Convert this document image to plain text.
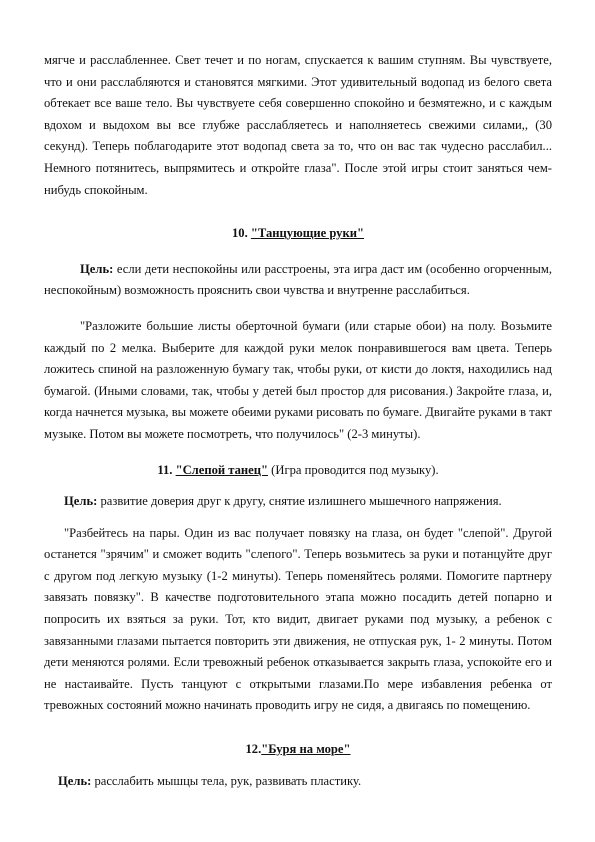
мягче и расслабленнее. Свет течет и по ногам, спускается к вашим ступням. Вы чувствуете, что и они расслабляются и становятся мягкими. Этот удивительный водопад из белого света обтекает все ваше тело. Вы чувствуете себя совершенно спокойно и безмятежно, и с каждым вдохом и выдохом вы все глубже расслабляетесь и наполняетесь свежими силами,, (30 секунд). Теперь поблагодарите этот водопад света за то, что он вас так чудесно расслабил... Немного потянитесь, выпрямитесь и откройте глаза". После этой игры стоит заняться чем-нибудь спокойным.

10. "Танцующие руки"

Цель: если дети неспокойны или расстроены, эта игра даст им (особенно огорченным, неспокойным) возможность прояснить свои чувства и внутренне расслабиться.

"Разложите большие листы оберточной бумаги (или старые обои) на полу. Возьмите каждый по 2 мелка. Выберите для каждой руки мелок понравившегося вам цвета. Теперь ложитесь спиной на разложенную бумагу так, чтобы руки, от кисти до локтя, находились над бумагой. (Иными словами, так, чтобы у детей был простор для рисования.) Закройте глаза, и, когда начнется музыка, вы можете обеими руками рисовать по бумаге. Двигайте руками в такт музыке. Потом вы можете посмотреть, что получилось" (2-3 минуты).

11. "Слепой танец" (Игра проводится под музыку).

Цель: развитие доверия друг к другу, снятие излишнего мышечного напряжения.

"Разбейтесь на пары. Один из вас получает повязку на глаза, он будет "слепой". Другой останется "зрячим" и сможет водить "слепого". Теперь возьмитесь за руки и потанцуйте друг с другом под легкую музыку (1-2 минуты). Теперь поменяйтесь ролями. Помогите партнеру завязать повязку". В качестве подготовительного этапа можно посадить детей попарно и попросить их взяться за руки. Тот, кто видит, двигает руками под музыку, а ребенок с завязанными глазами пытается повторить эти движения, не отпуская рук, 1- 2 минуты. Потом дети меняются ролями. Если тревожный ребенок отказывается закрыть глаза, успокойте его и не настаивайте. Пусть танцуют с открытыми глазами.По мере избавления ребенка от тревожных состояний можно начинать проводить игру не сидя, а двигаясь по помещению.

12."Буря на море"

Цель: расслабить мышцы тела, рук, развивать пластику.
